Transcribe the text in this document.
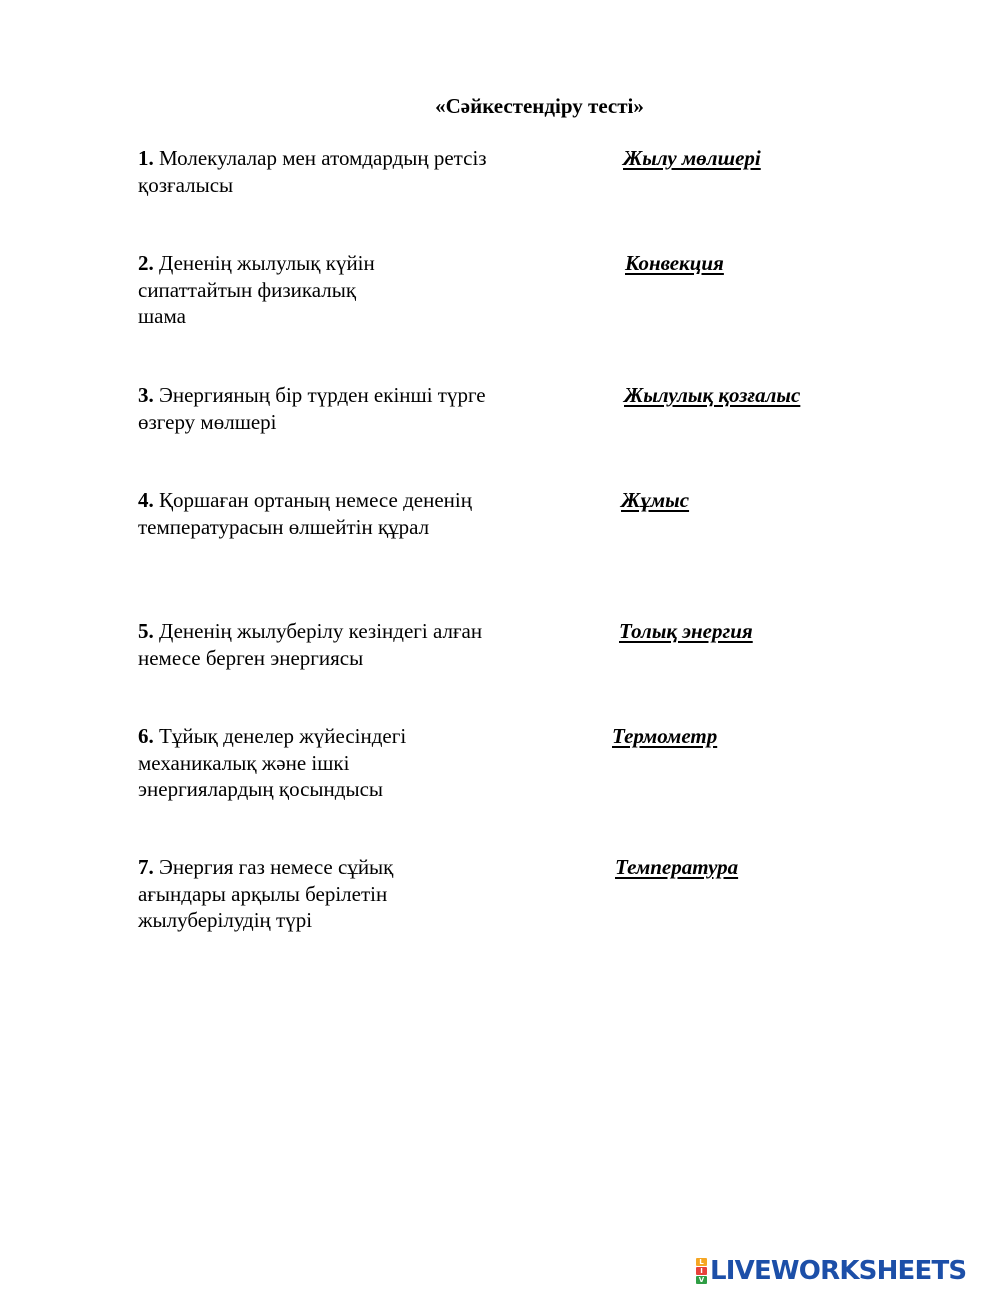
«Сәйкестендіру тесті»
1. Молекулалар мен атомдардың ретсіз қозғалысы
2. Дененің жылулық күйін сипаттайтын физикалық шама
3. Энергияның бір түрден екінші түрге өзгеру мөлшері
4. Қоршаған ортаның немесе дененің температурасын өлшейтін құрал
5. Дененің жылуберілу кезіндегі алған немесе берген энергиясы
6. Тұйық денелер жүйесіндегі механикалық және ішкі энергиялардың қосындысы
7. Энергия газ немесе сұйық ағындары арқылы берілетін жылуберілудің түрі
Жылу мөлшері
Конвекция
Жылулық қозғалыс
Жұмыс
Толық энергия
Термометр
Температура
L
I
V LIVEWORKSHEETS
